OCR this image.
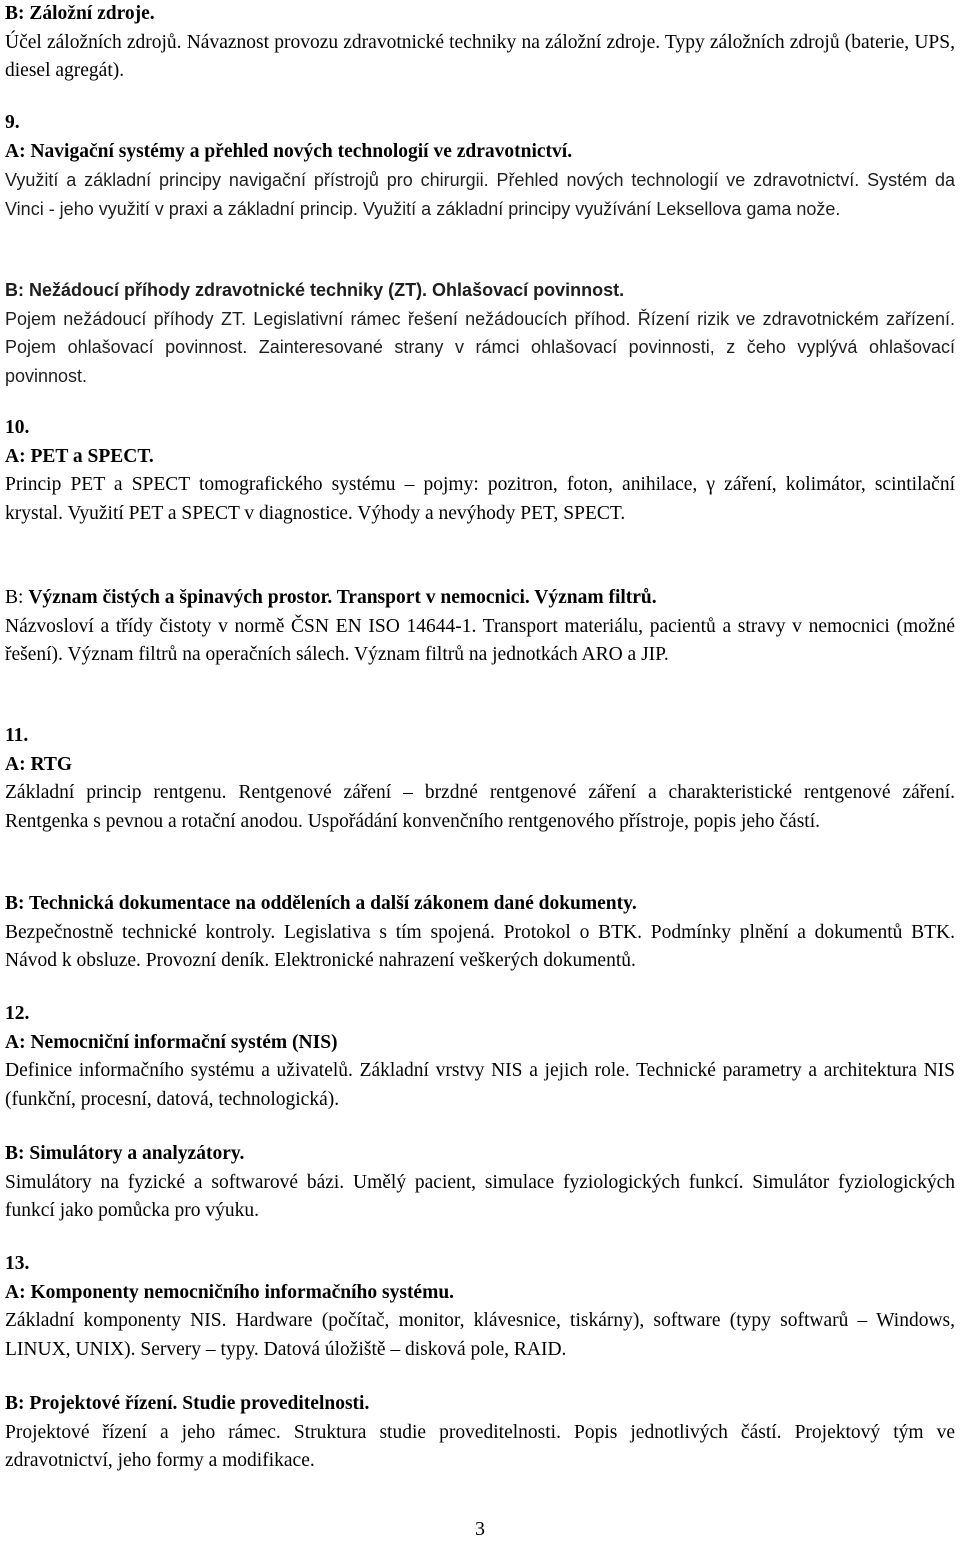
B: Záložní zdroje.

Účel záložních zdrojů. Návaznost provozu zdravotnické techniky na záložní zdroje. Typy záložních zdrojů (baterie, UPS, diesel agregát).

9.

A: Navigační systémy a přehled nových technologií ve zdravotnictví.

Využití a základní principy navigační přístrojů pro chirurgii. Přehled nových technologií ve zdravotnictví. Systém da Vinci - jeho využití v praxi a základní princip. Využití a základní principy využívání Leksellova gama nože.

B: Nežádoucí příhody zdravotnické techniky (ZT). Ohlašovací povinnost.

Pojem nežádoucí příhody ZT. Legislativní rámec řešení nežádoucích příhod. Řízení rizik ve zdravotnickém zařízení. Pojem ohlašovací povinnost. Zainteresované strany v rámci ohlašovací povinnosti, z čeho vyplývá ohlašovací povinnost.

10.

A: PET a SPECT.

Princip PET a SPECT tomografického systému – pojmy: pozitron, foton, anihilace, γ záření, kolimátor, scintilační krystal. Využití PET a SPECT v diagnostice. Výhody a nevýhody PET, SPECT.

B: Význam čistých a špinavých prostor. Transport v nemocnici. Význam filtrů.

Názvosloví a třídy čistoty v normě ČSN EN ISO 14644-1. Transport materiálu, pacientů a stravy v nemocnici (možné řešení). Význam filtrů na operačních sálech. Význam filtrů na jednotkách ARO a JIP.

11.

A: RTG

Základní princip rentgenu. Rentgenové záření – brzdné rentgenové záření a charakteristické rentgenové záření. Rentgenka s pevnou a rotační anodou. Uspořádání konvenčního rentgenového přístroje, popis jeho částí.

B: Technická dokumentace na odděleních a další zákonem dané dokumenty.

Bezpečnostně technické kontroly. Legislativa s tím spojená. Protokol o BTK. Podmínky plnění a dokumentů BTK. Návod k obsluze. Provozní deník. Elektronické nahrazení veškerých dokumentů.

12.

A: Nemocniční informační systém (NIS)

Definice informačního systému a uživatelů. Základní vrstvy NIS a jejich role. Technické parametry a architektura NIS (funkční, procesní, datová, technologická).

B: Simulátory a analyzátory.

Simulátory na fyzické a softwarové bázi. Umělý pacient, simulace fyziologických funkcí. Simulátor fyziologických funkcí jako pomůcka pro výuku.

13.

A: Komponenty nemocničního informačního systému.

Základní komponenty NIS. Hardware (počítač, monitor, klávesnice, tiskárny), software (typy softwarů – Windows, LINUX, UNIX). Servery – typy. Datová úložiště – disková pole, RAID.

B: Projektové řízení. Studie proveditelnosti.

Projektové řízení a jeho rámec. Struktura studie proveditelnosti. Popis jednotlivých částí. Projektový tým ve zdravotnictví, jeho formy a modifikace.

3
